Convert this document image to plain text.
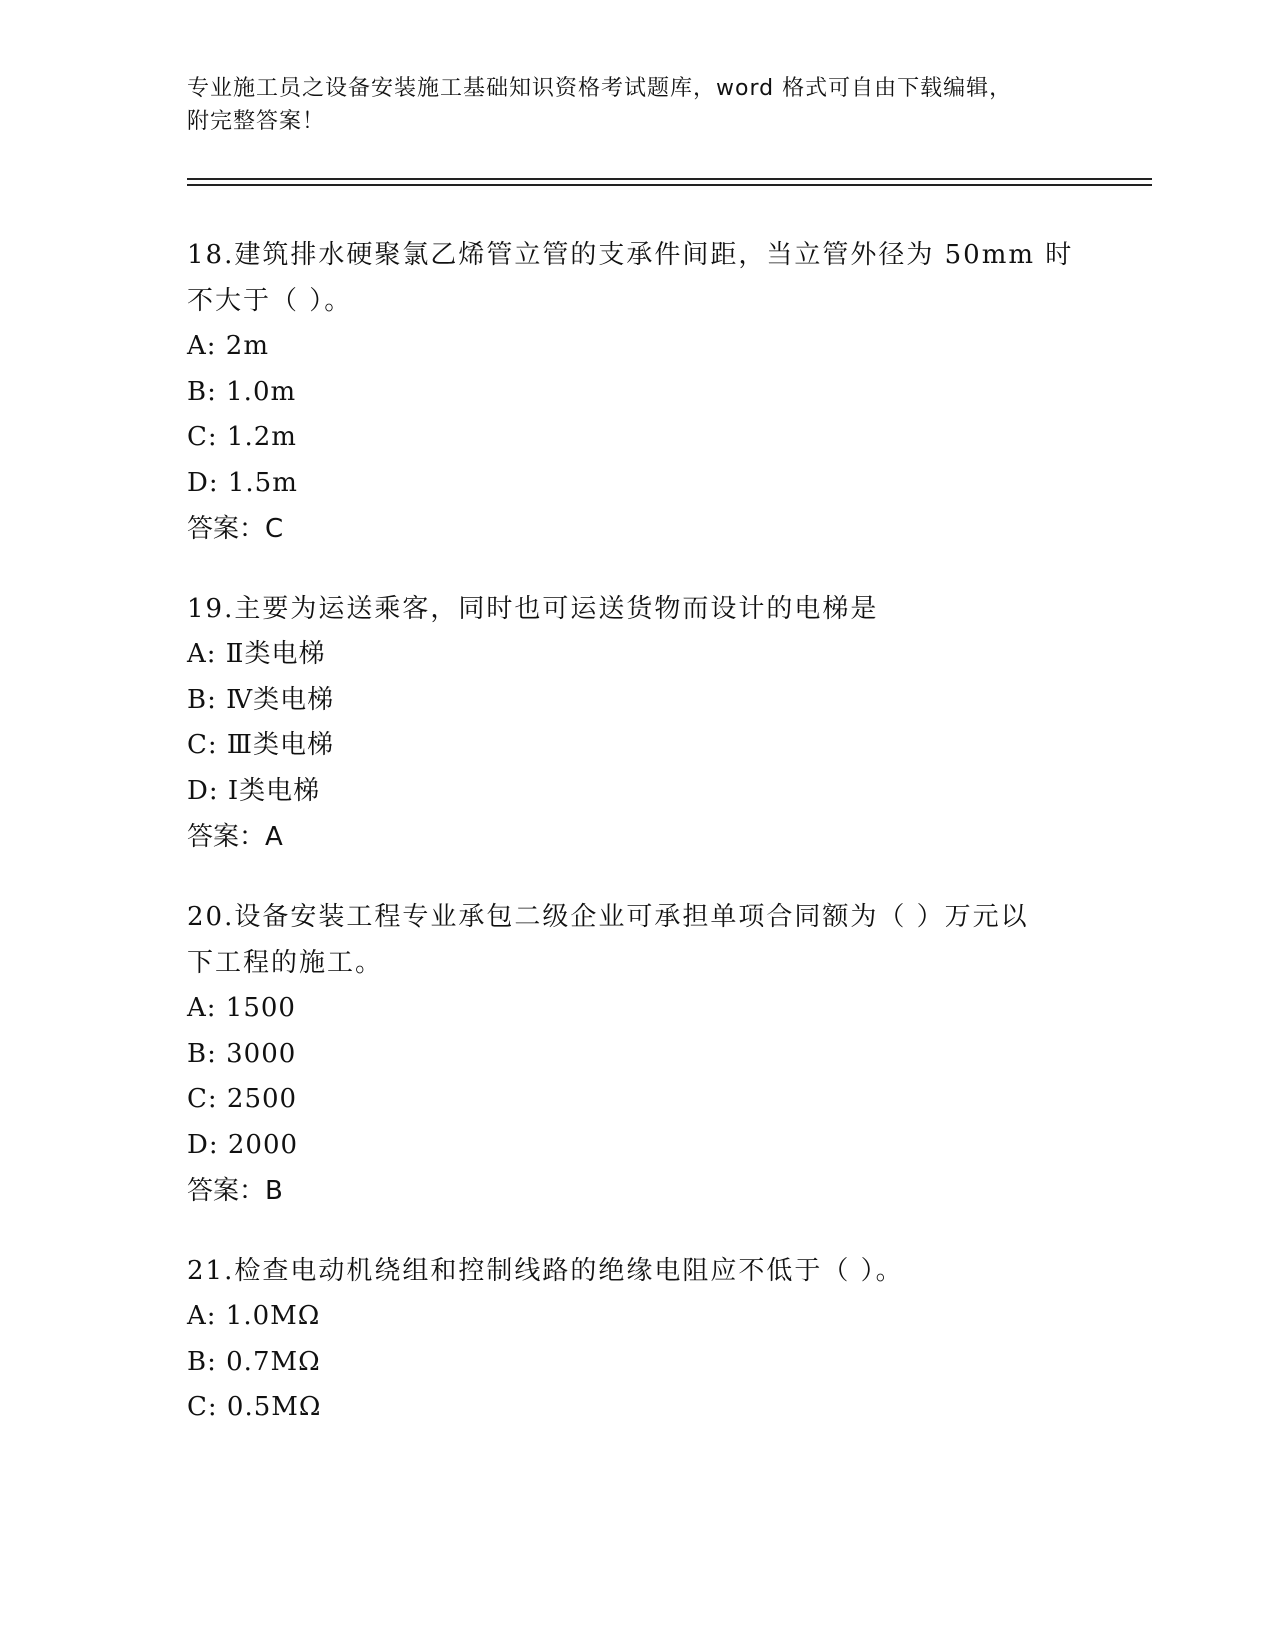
专业施工员之设备安装施工基础知识资格考试题库，word 格式可自由下载编辑，
附完整答案！
18.建筑排水硬聚氯乙烯管立管的支承件间距，当立管外径为 50mm 时
不大于（ ）。
A: 2m
B: 1.0m
C: 1.2m
D: 1.5m
答案：C
19.主要为运送乘客，同时也可运送货物而设计的电梯是
A: Ⅱ类电梯
B: Ⅳ类电梯
C: Ⅲ类电梯
D: Ⅰ类电梯
答案：A
20.设备安装工程专业承包二级企业可承担单项合同额为（ ）万元以
下工程的施工。
A: 1500
B: 3000
C: 2500
D: 2000
答案：B
21.检查电动机绕组和控制线路的绝缘电阻应不低于（ ）。
A: 1.0MΩ
B: 0.7MΩ
C: 0.5MΩ
